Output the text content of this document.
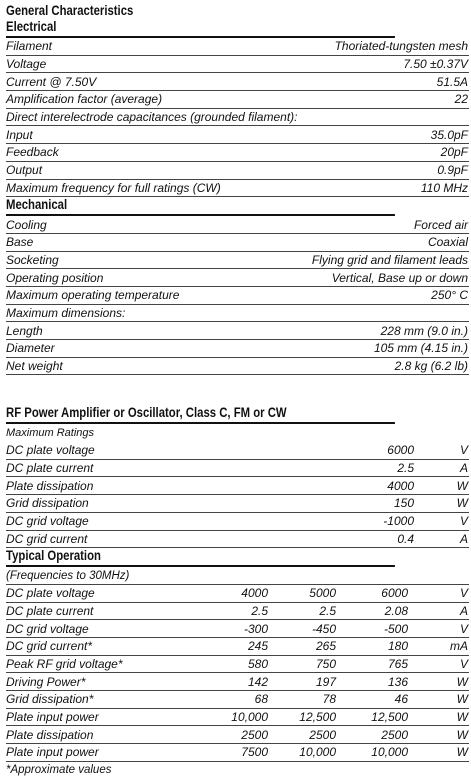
General Characteristics
Electrical
Filament	Thoriated-tungsten mesh
Voltage	7.50 ±0.37V
Current @ 7.50V	51.5A
Amplification factor (average)	22
Direct interelectrode capacitances (grounded filament):
Input	35.0pF
Feedback	20pF
Output	0.9pF
Maximum frequency for full ratings (CW)	110 MHz
Mechanical
Cooling	Forced air
Base	Coaxial
Socketing	Flying grid and filament leads
Operating position	Vertical, Base up or down
Maximum operating temperature	250° C
Maximum dimensions:
Length	228 mm (9.0 in.)
Diameter	105 mm (4.15 in.)
Net weight	2.8 kg (6.2 lb)
RF Power Amplifier or Oscillator, Class C, FM or CW
Maximum Ratings
DC plate voltage	6000	V
DC plate current	2.5	A
Plate dissipation	4000	W
Grid dissipation	150	W
DC grid voltage	-1000	V
DC grid current	0.4	A
Typical Operation
(Frequencies to 30MHz)
DC plate voltage	4000	5000	6000	V
DC plate current	2.5	2.5	2.08	A
DC grid voltage	-300	-450	-500	V
DC grid current*	245	265	180	mA
Peak RF grid voltage*	580	750	765	V
Driving Power*	142	197	136	W
Grid dissipation*	68	78	46	W
Plate input power	10,000	12,500	12,500	W
Plate dissipation	2500	2500	2500	W
Plate input power	7500	10,000	10,000	W
*Approximate values
